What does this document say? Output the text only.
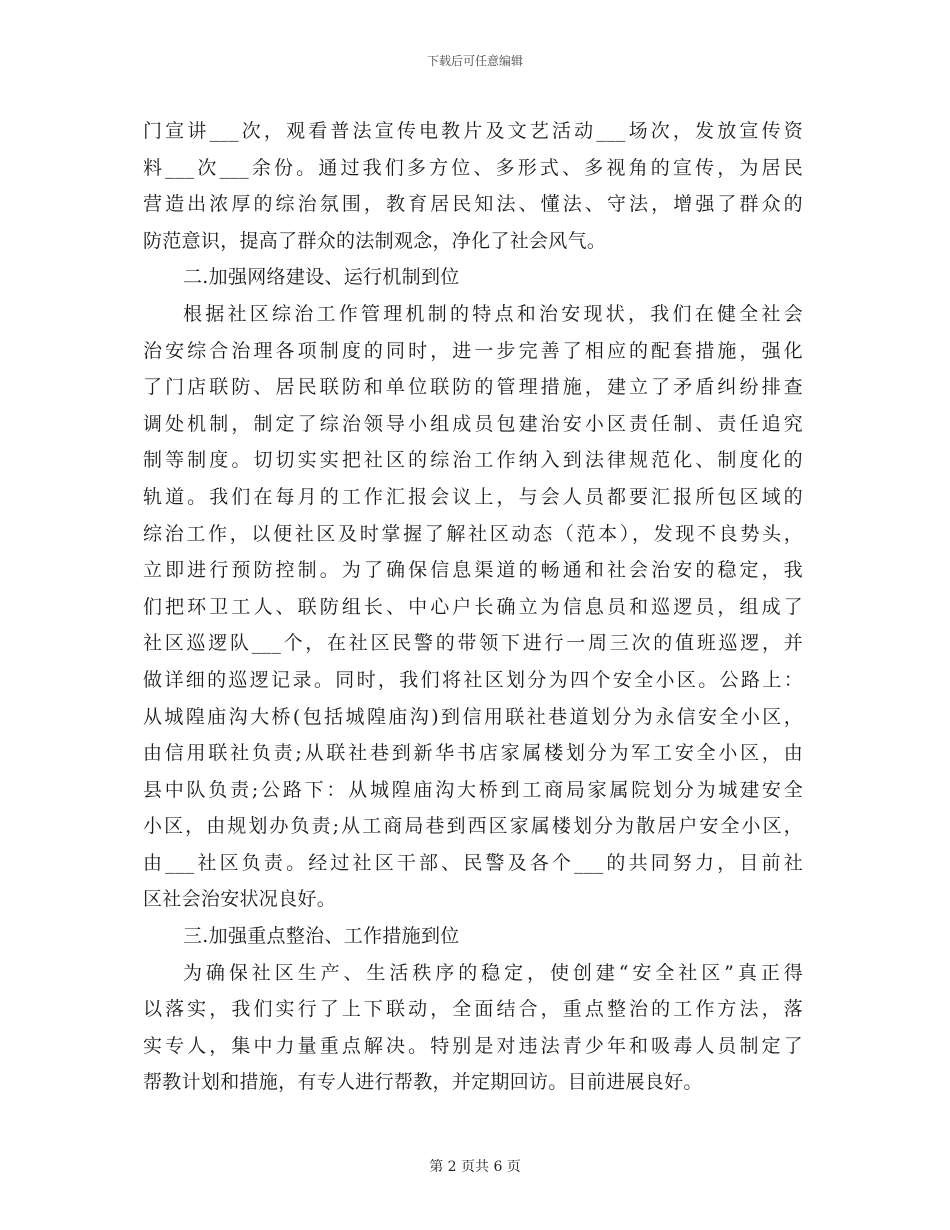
下载后可任意编辑
门宣讲___次，观看普法宣传电教片及文艺活动___场次，发放宣传资
料___次___余份。通过我们多方位、多形式、多视角的宣传，为居民
营造出浓厚的综治氛围，教育居民知法、懂法、守法，增强了群众的
防范意识，提高了群众的法制观念，净化了社会风气。
二.加强网络建设、运行机制到位
根据社区综治工作管理机制的特点和治安现状，我们在健全社会
治安综合治理各项制度的同时，进一步完善了相应的配套措施，强化
了门店联防、居民联防和单位联防的管理措施，建立了矛盾纠纷排查
调处机制，制定了综治领导小组成员包建治安小区责任制、责任追究
制等制度。切切实实把社区的综治工作纳入到法律规范化、制度化的
轨道。我们在每月的工作汇报会议上，与会人员都要汇报所包区域的
综治工作，以便社区及时掌握了解社区动态（范本），发现不良势头，
立即进行预防控制。为了确保信息渠道的畅通和社会治安的稳定，我
们把环卫工人、联防组长、中心户长确立为信息员和巡逻员，组成了
社区巡逻队___个，在社区民警的带领下进行一周三次的值班巡逻，并
做详细的巡逻记录。同时，我们将社区划分为四个安全小区。公路上：
从城隍庙沟大桥(包括城隍庙沟)到信用联社巷道划分为永信安全小区，
由信用联社负责;从联社巷到新华书店家属楼划分为军工安全小区，由
县中队负责;公路下：从城隍庙沟大桥到工商局家属院划分为城建安全
小区，由规划办负责;从工商局巷到西区家属楼划分为散居户安全小区，
由___社区负责。经过社区干部、民警及各个___的共同努力，目前社
区社会治安状况良好。
三.加强重点整治、工作措施到位
为确保社区生产、生活秩序的稳定，使创建“安全社区”真正得
以落实，我们实行了上下联动，全面结合，重点整治的工作方法，落
实专人，集中力量重点解决。特别是对违法青少年和吸毒人员制定了
帮教计划和措施，有专人进行帮教，并定期回访。目前进展良好。
第 2 页共 6 页
